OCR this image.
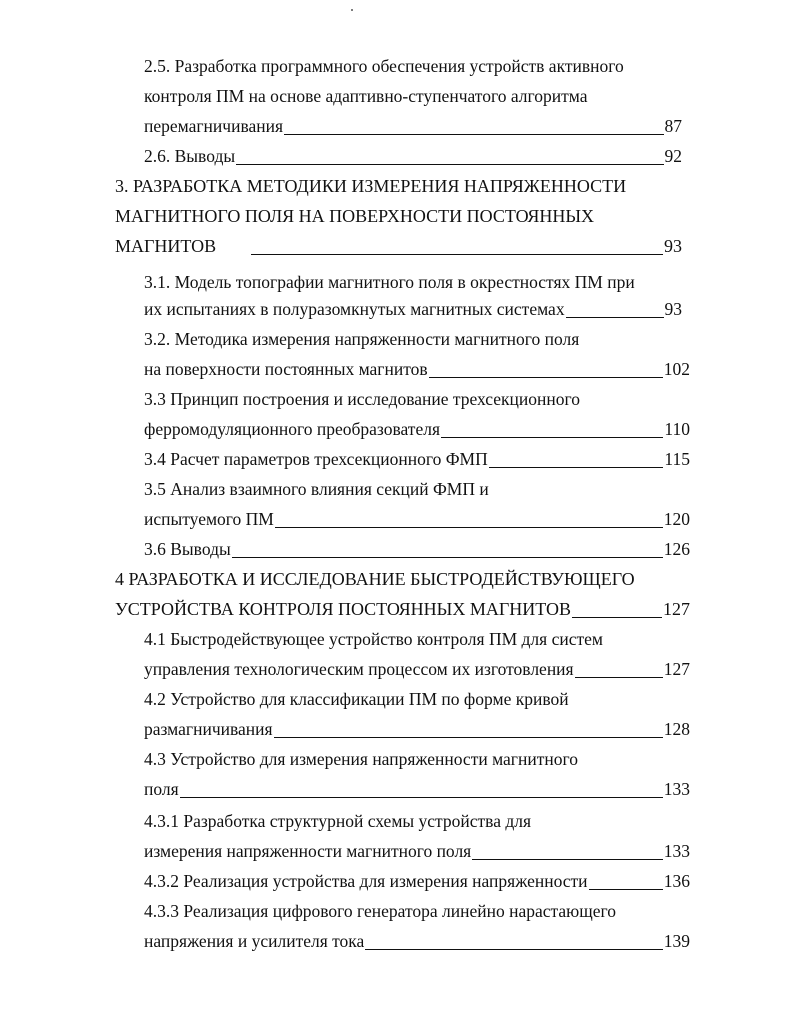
2.5. Разработка программного обеспечения устройств активного
контроля ПМ на основе адаптивно-ступенчатого алгоритма
перемагничивания	87
2.6. Выводы	92
3. РАЗРАБОТКА МЕТОДИКИ ИЗМЕРЕНИЯ НАПРЯЖЕННОСТИ
МАГНИТНОГО ПОЛЯ НА ПОВЕРХНОСТИ ПОСТОЯННЫХ
МАГНИТОВ	93
3.1. Модель топографии магнитного поля в окрестностях ПМ при
их испытаниях в полуразомкнутых магнитных системах	93
3.2. Методика измерения напряженности магнитного поля
на поверхности постоянных магнитов	102
3.3 Принцип построения и исследование трехсекционного
ферромодуляционного преобразователя	110
3.4 Расчет параметров трехсекционного ФМП	115
3.5 Анализ взаимного влияния секций ФМП и
испытуемого ПМ	120
3.6 Выводы	126
4 РАЗРАБОТКА И ИССЛЕДОВАНИЕ БЫСТРОДЕЙСТВУЮЩЕГО
УСТРОЙСТВА КОНТРОЛЯ ПОСТОЯННЫХ МАГНИТОВ	127
4.1 Быстродействующее устройство контроля ПМ для систем
управления технологическим процессом их изготовления	127
4.2 Устройство для классификации ПМ по форме кривой
размагничивания	128
4.3 Устройство для измерения напряженности магнитного
поля	133
4.3.1 Разработка структурной схемы устройства для
измерения напряженности магнитного поля	133
4.3.2 Реализация устройства для измерения напряженности	136
4.3.3 Реализация цифрового генератора линейно нарастающего
напряжения и усилителя тока	139
